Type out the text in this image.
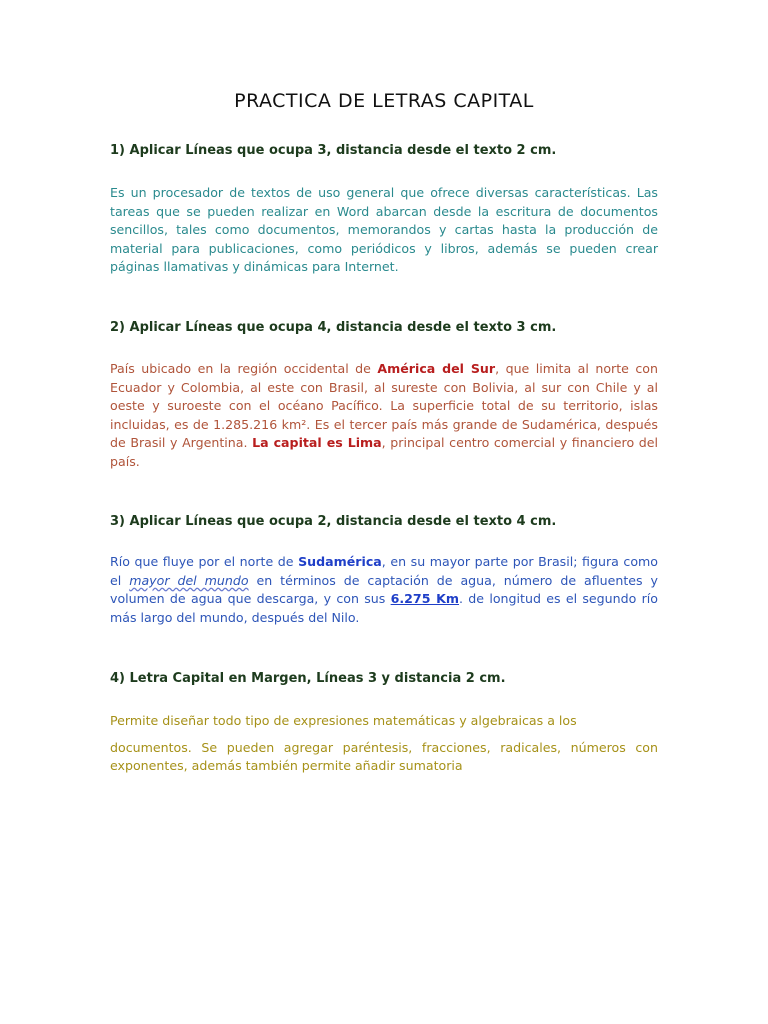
PRACTICA DE LETRAS CAPITAL
1) Aplicar Líneas que ocupa 3, distancia desde el texto 2 cm.

Es un procesador de textos de uso general que ofrece diversas características. Las tareas que se pueden realizar en Word abarcan desde la escritura de documentos sencillos, tales como documentos, memorandos y cartas hasta la producción de material para publicaciones, como periódicos y libros, además se pueden crear páginas llamativas y dinámicas para Internet.

2) Aplicar Líneas que ocupa 4, distancia desde el texto 3 cm.

País ubicado en la región occidental de América del Sur, que limita al norte con Ecuador y Colombia, al este con Brasil, al sureste con Bolivia, al sur con Chile y al oeste y suroeste con el océano Pacífico. La superficie total de su territorio, islas incluidas, es de 1.285.216 km². Es el tercer país más grande de Sudamérica, después de Brasil y Argentina. La capital es Lima, principal centro comercial y financiero del país.

3) Aplicar Líneas que ocupa 2, distancia desde el texto 4 cm.

Río que fluye por el norte de Sudamérica, en su mayor parte por Brasil; figura como el mayor del mundo en términos de captación de agua, número de afluentes y volumen de agua que descarga, y con sus 6.275 Km. de longitud es el segundo río más largo del mundo, después del Nilo.

4) Letra Capital en Margen, Líneas 3 y distancia 2 cm.

Permite diseñar todo tipo de expresiones matemáticas y algebraicas a los
documentos. Se pueden agregar paréntesis, fracciones, radicales, números con exponentes, además también permite añadir sumatoria
